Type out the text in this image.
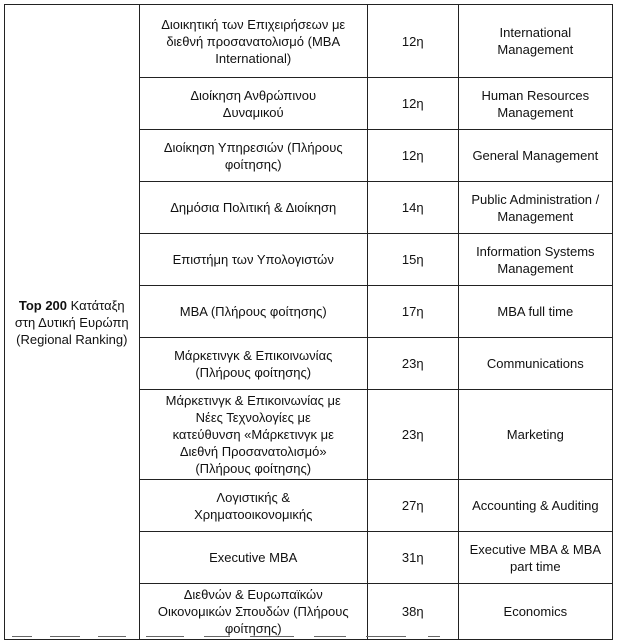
Top 200 Κατάταξη
στη Δυτική Ευρώπη
(Regional Ranking)	Διοικητική των Επιχειρήσεων με
διεθνή προσανατολισμό (MBA
International)	12η	International
Management
	Διοίκηση Ανθρώπινου
Δυναμικού	12η	Human Resources
Management
	Διοίκηση Υπηρεσιών (Πλήρους
φοίτησης)	12η	General Management
	Δημόσια Πολιτική & Διοίκηση	14η	Public Administration /
Management
	Επιστήμη των Υπολογιστών	15η	Information Systems
Management
	MBA (Πλήρους φοίτησης)	17η	MBA full time
	Μάρκετινγκ & Επικοινωνίας
(Πλήρους φοίτησης)	23η	Communications
	Μάρκετινγκ & Επικοινωνίας με
Νέες Τεχνολογίες με
κατεύθυνση «Μάρκετινγκ με
Διεθνή Προσανατολισμό»
(Πλήρους φοίτησης)	23η	Marketing
	Λογιστικής &
Χρηματοοικονομικής	27η	Accounting & Auditing
	Executive MBA	31η	Executive MBA & MBA
part time
	Διεθνών & Ευρωπαϊκών
Οικονομικών Σπουδών (Πλήρους
φοίτησης)	38η	Economics
